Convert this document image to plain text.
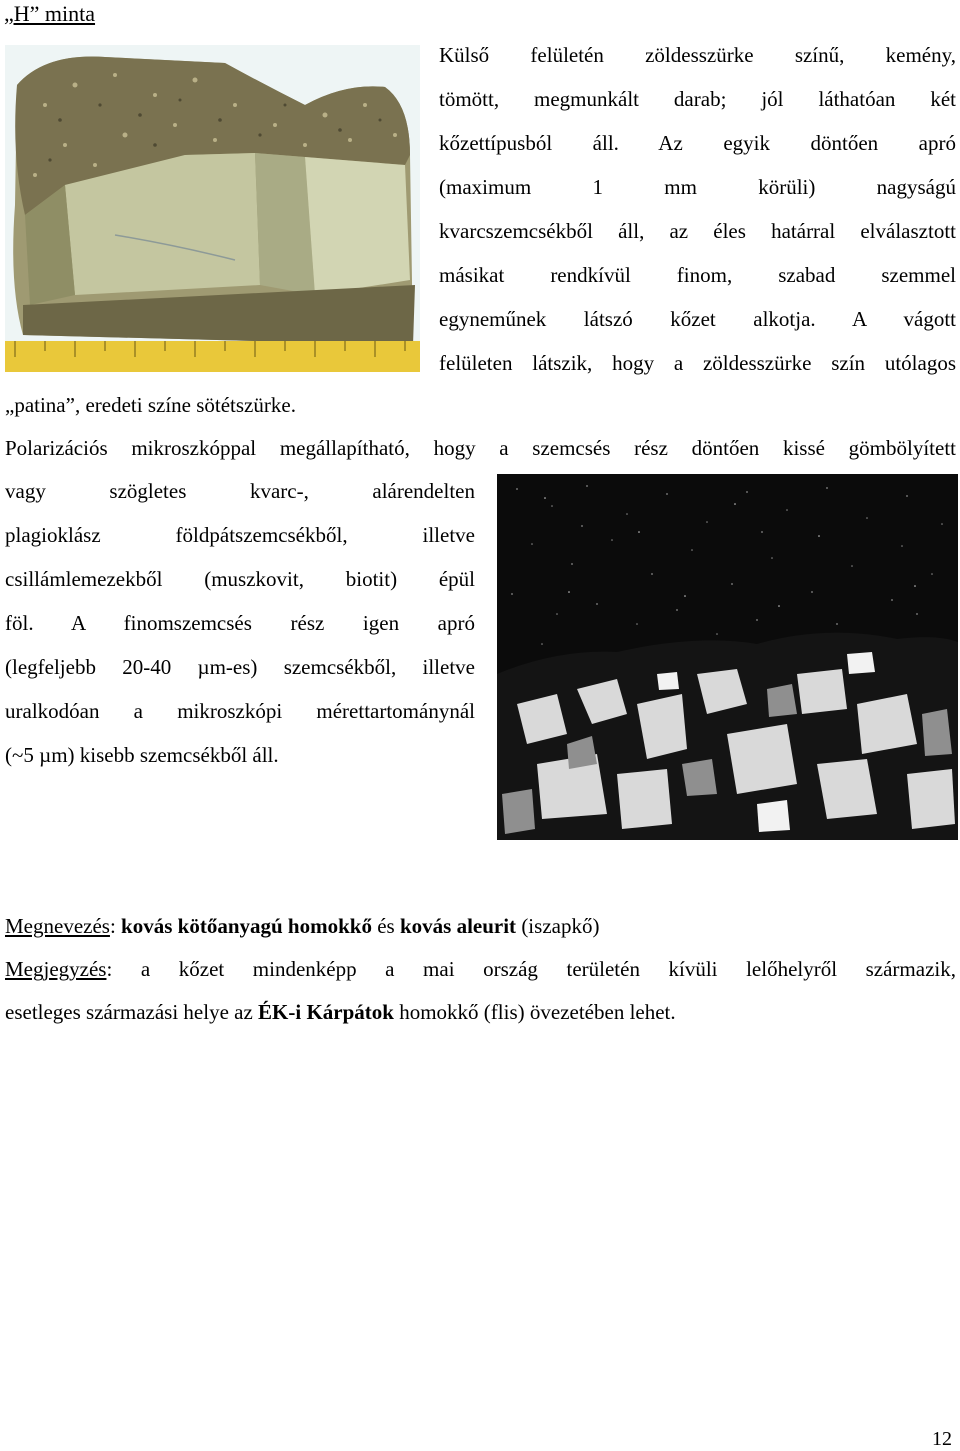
„H” minta
Külső felületén zöldesszürke színű, kemény,
tömött, megmunkált darab; jól láthatóan két
kőzettípusból áll. Az egyik döntően apró
(maximum 1 mm körüli) nagyságú
kvarcszemcsékből áll, az éles határral elválasztott
másikat rendkívül finom, szabad szemmel
egyneműnek látszó kőzet alkotja. A vágott
felületen látszik, hogy a zöldesszürke szín utólagos
„patina”, eredeti színe sötétszürke.
Polarizációs mikroszkóppal megállapítható, hogy a szemcsés rész döntően kissé gömbölyített
vagy szögletes kvarc-, alárendelten
plagioklász földpátszemcsékből, illetve
csillámlemezekből (muszkovit, biotit) épül
föl. A finomszemcsés rész igen apró
(legfeljebb 20-40 µm-es) szemcsékből, illetve
uralkodóan a mikroszkópi mérettartománynál
(~5 µm) kisebb szemcsékből áll.
Megnevezés: kovás kötőanyagú homokkő és kovás aleurit (iszapkő)
Megjegyzés: a kőzet mindenképp a mai ország területén kívüli lelőhelyről származik,
esetleges származási helye az ÉK-i Kárpátok homokkő (flis) övezetében lehet.
12
